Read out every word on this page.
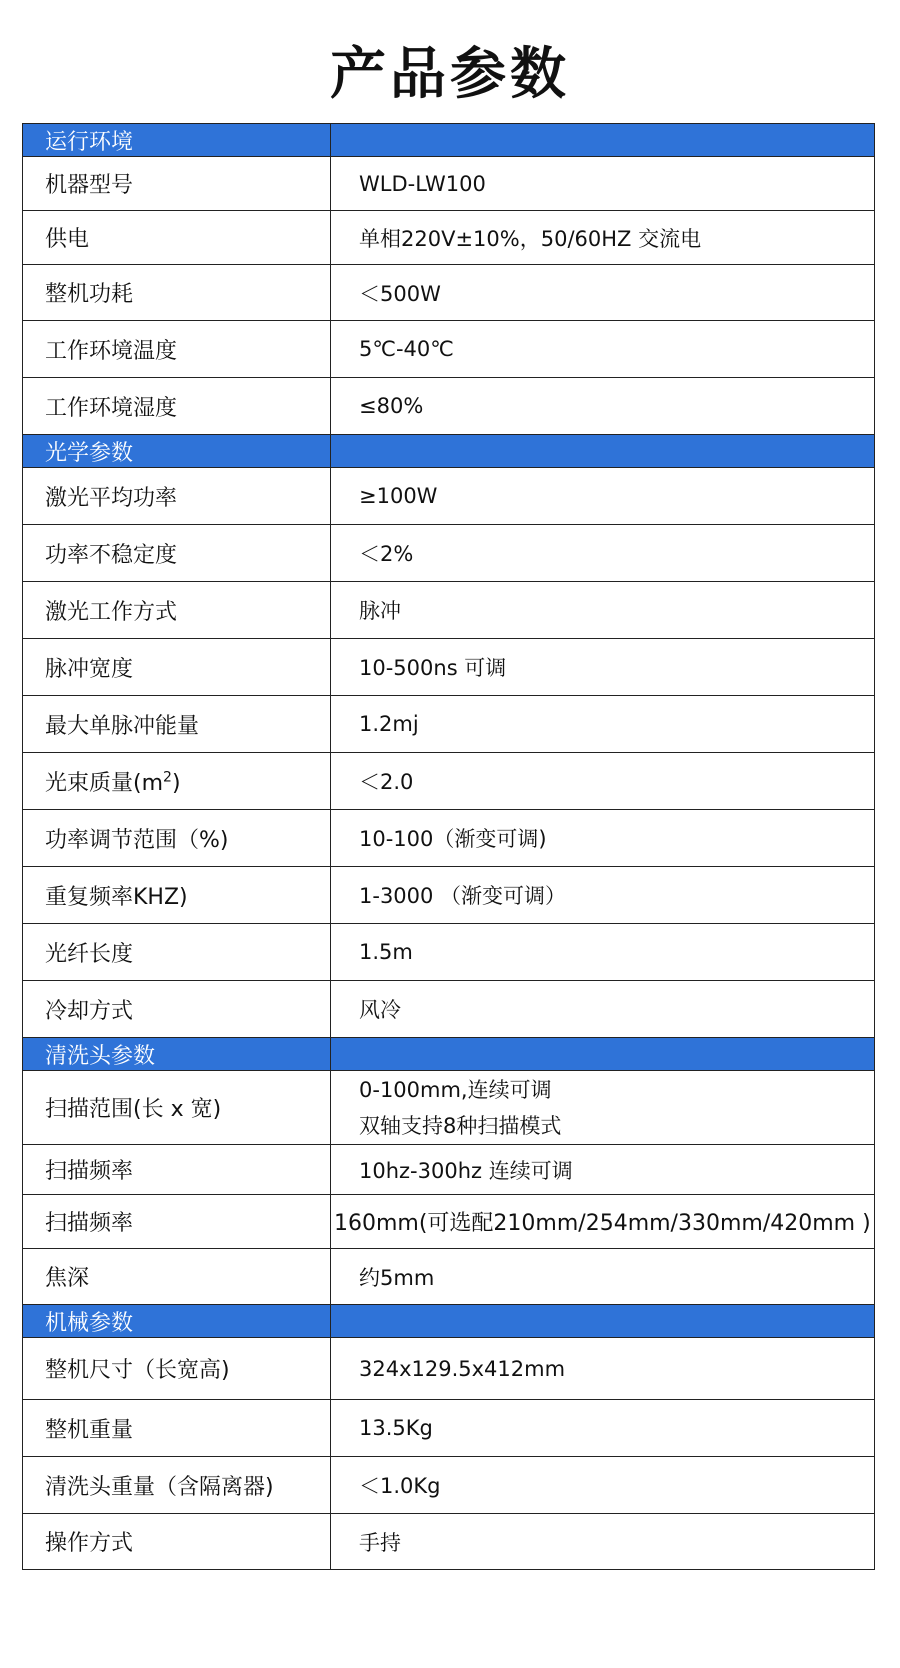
产品参数
运行环境	
机器型号	WLD-LW100
供电	单相220V±10%，50/60HZ 交流电
整机功耗	＜500W
工作环境温度	5℃-40℃
工作环境湿度	≤80%
光学参数	
激光平均功率	≥100W
功率不稳定度	＜2%
激光工作方式	脉冲
脉冲宽度	10-500ns 可调
最大单脉冲能量	1.2mj
光束质量$(m^2)$	＜2.0
功率调节范围（%)	10-100（渐变可调)
重复频率KHZ)	1-3000 （渐变可调）
光纤长度	1.5m
冷却方式	风冷
清洗头参数	
扫描范围(长 x 宽)	0-100mm,连续可调
双轴支持8种扫描模式

扫描频率	10hz-300hz 连续可调
扫描频率	160mm(可选配210mm/254mm/330mm/420mm )
焦深	约5mm
机械参数	
整机尺寸（长宽高)	324x129.5x412mm
整机重量	13.5Kg
清洗头重量（含隔离器)	＜1.0Kg
操作方式	手持
